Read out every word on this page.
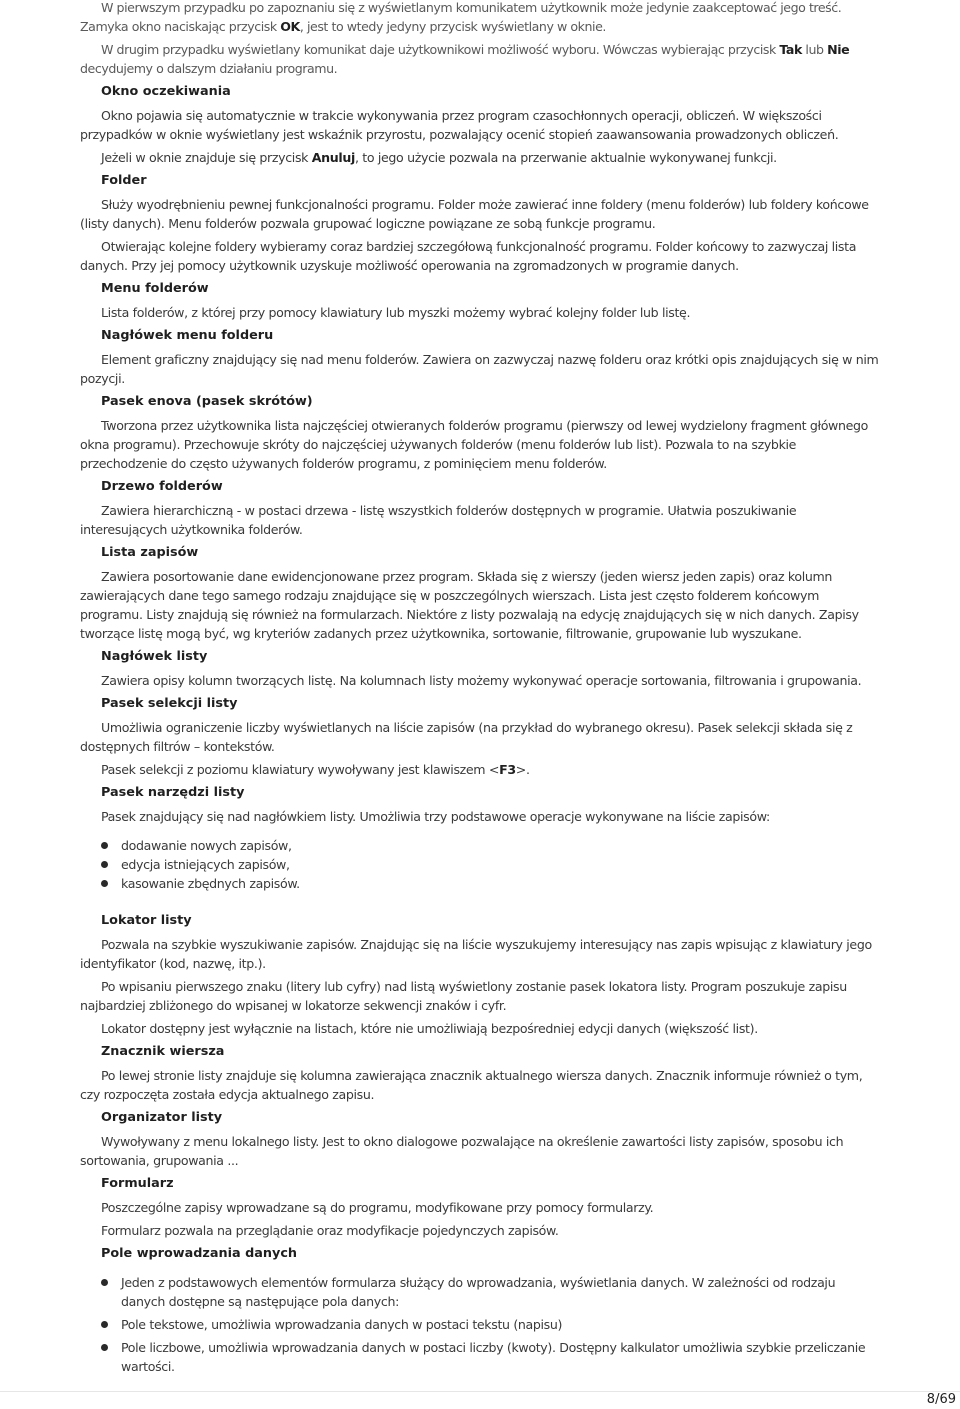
W pierwszym przypadku po zapoznaniu się z wyświetlanym komunikatem użytkownik może jedynie zaakceptować jego treść. Zamyka okno naciskając przycisk OK, jest to wtedy jedyny przycisk wyświetlany w oknie.

W drugim przypadku wyświetlany komunikat daje użytkownikowi możliwość wyboru. Wówczas wybierając przycisk Tak lub Nie decydujemy o dalszym działaniu programu.

Okno oczekiwania

Okno pojawia się automatycznie w trakcie wykonywania przez program czasochłonnych operacji, obliczeń. W większości przypadków w oknie wyświetlany jest wskaźnik przyrostu, pozwalający ocenić stopień zaawansowania prowadzonych obliczeń.

Jeżeli w oknie znajduje się przycisk Anuluj, to jego użycie pozwala na przerwanie aktualnie wykonywanej funkcji.

Folder

Służy wyodrębnieniu pewnej funkcjonalności programu. Folder może zawierać inne foldery (menu folderów) lub foldery końcowe (listy danych). Menu folderów pozwala grupować logiczne powiązane ze sobą funkcje programu.

Otwierając kolejne foldery wybieramy coraz bardziej szczegółową funkcjonalność programu. Folder końcowy to zazwyczaj lista danych. Przy jej pomocy użytkownik uzyskuje możliwość operowania na zgromadzonych w programie danych.

Menu folderów

Lista folderów, z której przy pomocy klawiatury lub myszki możemy wybrać kolejny folder lub listę.

Nagłówek menu folderu

Element graficzny znajdujący się nad menu folderów. Zawiera on zazwyczaj nazwę folderu oraz krótki opis znajdujących się w nim pozycji.

Pasek enova (pasek skrótów)

Tworzona przez użytkownika lista najczęściej otwieranych folderów programu (pierwszy od lewej wydzielony fragment głównego okna programu). Przechowuje skróty do najczęściej używanych folderów (menu folderów lub list). Pozwala to na szybkie przechodzenie do często używanych folderów programu, z pominięciem menu folderów.

Drzewo folderów

Zawiera hierarchiczną - w postaci drzewa - listę wszystkich folderów dostępnych w programie. Ułatwia poszukiwanie interesujących użytkownika folderów.

Lista zapisów

Zawiera posortowanie dane ewidencjonowane przez program. Składa się z wierszy (jeden wiersz jeden zapis) oraz kolumn zawierających dane tego samego rodzaju znajdujące się w poszczególnych wierszach. Lista jest często folderem końcowym programu. Listy znajdują się również na formularzach. Niektóre z listy pozwalają na edycję znajdujących się w nich danych. Zapisy tworzące listę mogą być, wg kryteriów zadanych przez użytkownika, sortowanie, filtrowanie, grupowanie lub wyszukane.

Nagłówek listy

Zawiera opisy kolumn tworzących listę. Na kolumnach listy możemy wykonywać operacje sortowania, filtrowania i grupowania.

Pasek selekcji listy

Umożliwia ograniczenie liczby wyświetlanych na liście zapisów (na przykład do wybranego okresu). Pasek selekcji składa się z dostępnych filtrów – kontekstów.

Pasek selekcji z poziomu klawiatury wywoływany jest klawiszem <F3>.

Pasek narzędzi listy

Pasek znajdujący się nad nagłówkiem listy. Umożliwia trzy podstawowe operacje wykonywane na liście zapisów:

dodawanie nowych zapisów,
edycja istniejących zapisów,
kasowanie zbędnych zapisów.
Lokator listy

Pozwala na szybkie wyszukiwanie zapisów. Znajdując się na liście wyszukujemy interesujący nas zapis wpisując z klawiatury jego identyfikator (kod, nazwę, itp.).

Po wpisaniu pierwszego znaku (litery lub cyfry) nad listą wyświetlony zostanie pasek lokatora listy. Program poszukuje zapisu najbardziej zbliżonego do wpisanej w lokatorze sekwencji znaków i cyfr.

Lokator dostępny jest wyłącznie na listach, które nie umożliwiają bezpośredniej edycji danych (większość list).

Znacznik wiersza

Po lewej stronie listy znajduje się kolumna zawierająca znacznik aktualnego wiersza danych. Znacznik informuje również o tym, czy rozpoczęta została edycja aktualnego zapisu.

Organizator listy

Wywoływany z menu lokalnego listy. Jest to okno dialogowe pozwalające na określenie zawartości listy zapisów, sposobu ich sortowania, grupowania ...

Formularz

Poszczególne zapisy wprowadzane są do programu, modyfikowane przy pomocy formularzy.

Formularz pozwala na przeglądanie oraz modyfikacje pojedynczych zapisów.

Pole wprowadzania danych
Jeden z podstawowych elementów formularza służący do wprowadzania, wyświetlania danych. W zależności od rodzaju danych dostępne są następujące pola danych:
Pole tekstowe, umożliwia wprowadzania danych w postaci tekstu (napisu)
Pole liczbowe, umożliwia wprowadzania danych w postaci liczby (kwoty). Dostępny kalkulator umożliwia szybkie przeliczanie wartości.
8/69
